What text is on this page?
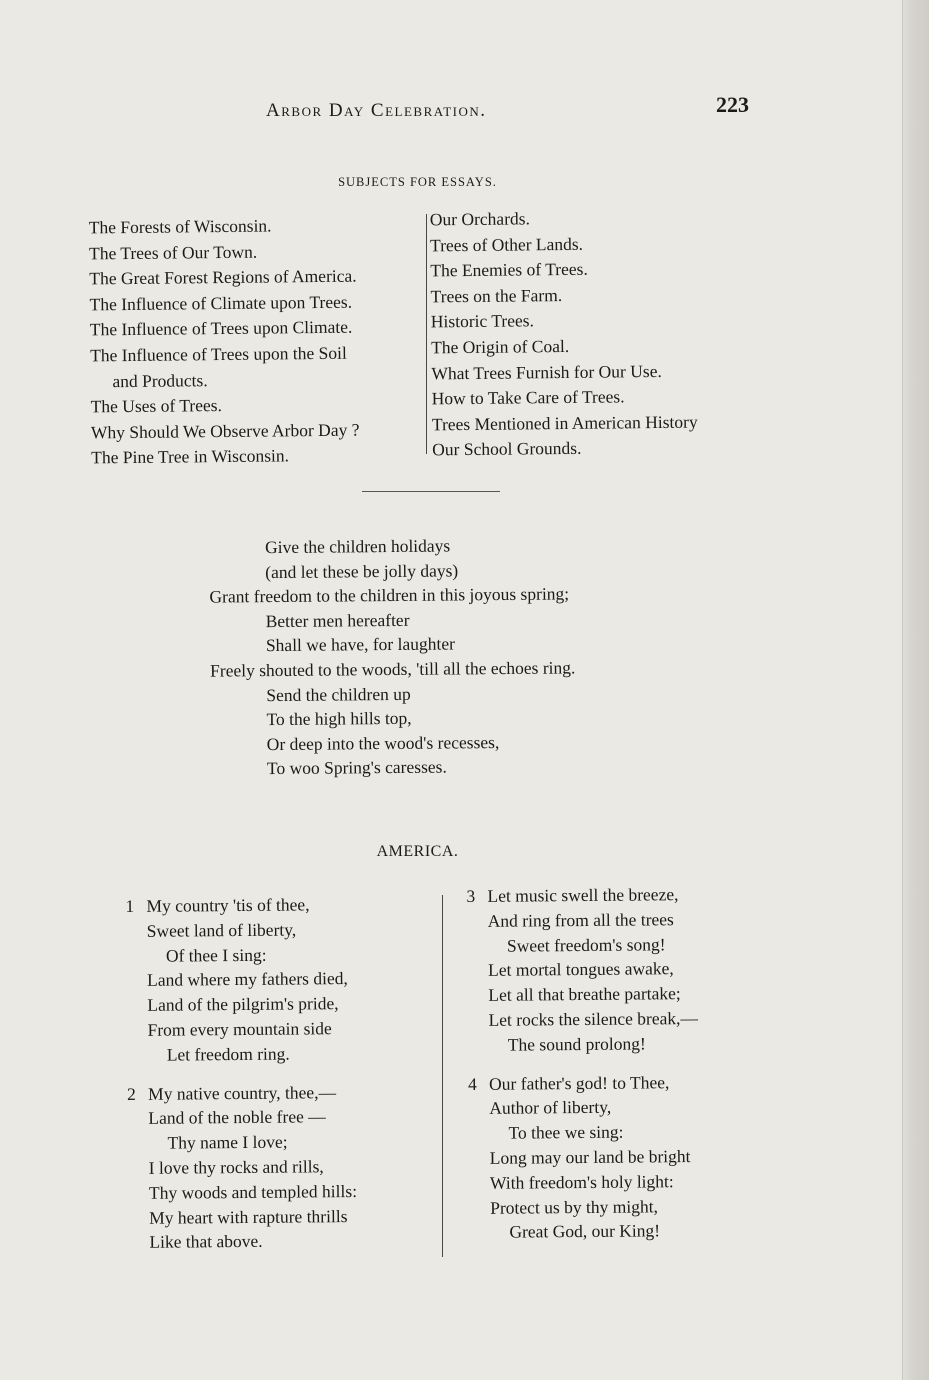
Arbor Day Celebration.	223
SUBJECTS FOR ESSAYS.
The Forests of Wisconsin.
The Trees of Our Town.
The Great Forest Regions of America.
The Influence of Climate upon Trees.
The Influence of Trees upon Climate.
The Influence of Trees upon the Soil
and Products.
The Uses of Trees.
Why Should We Observe Arbor Day ?
The Pine Tree in Wisconsin.
Our Orchards.
Trees of Other Lands.
The Enemies of Trees.
Trees on the Farm.
Historic Trees.
The Origin of Coal.
What Trees Furnish for Our Use.
How to Take Care of Trees.
Trees Mentioned in American History
Our School Grounds.
Give the children holidays
(and let these be jolly days)
Grant freedom to the children in this joyous spring;
Better men hereafter
Shall we have, for laughter
Freely shouted to the woods, 'till all the echoes ring.
Send the children up
To the high hills top,
Or deep into the wood's recesses,
To woo Spring's caresses.
AMERICA.
1 My country 'tis of thee,
Sweet land of liberty,
Of thee I sing:
Land where my fathers died,
Land of the pilgrim's pride,
From every mountain side
Let freedom ring.
2 My native country, thee,—
Land of the noble free —
Thy name I love;
I love thy rocks and rills,
Thy woods and templed hills:
My heart with rapture thrills
Like that above.
3 Let music swell the breeze,
And ring from all the trees
Sweet freedom's song!
Let mortal tongues awake,
Let all that breathe partake;
Let rocks the silence break,—
The sound prolong!
4 Our father's god! to Thee,
Author of liberty,
To thee we sing:
Long may our land be bright
With freedom's holy light:
Protect us by thy might,
Great God, our King!
